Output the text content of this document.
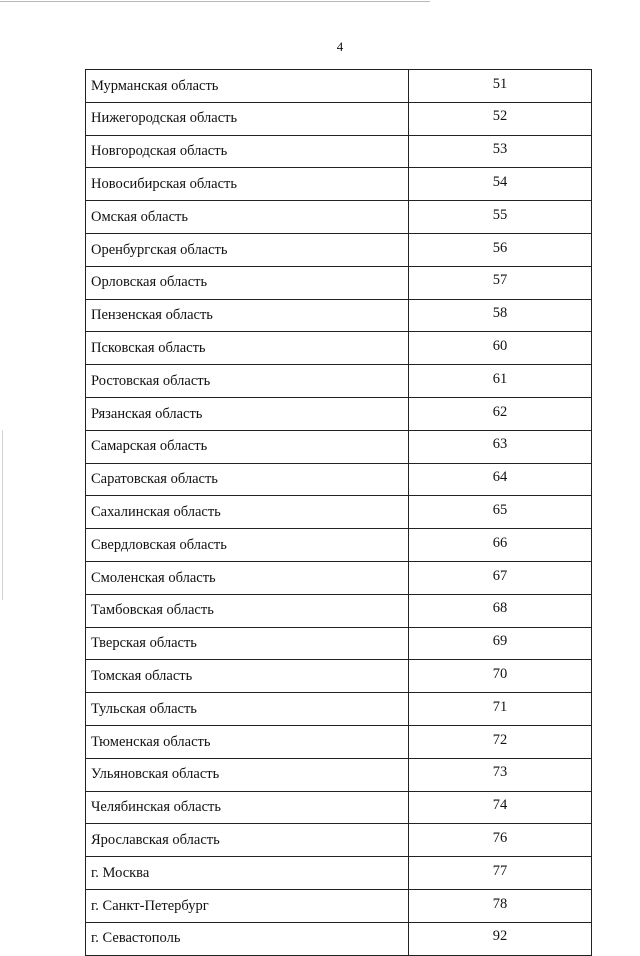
4
Мурманская область	51
Нижегородская область	52
Новгородская область	53
Новосибирская область	54
Омская область	55
Оренбургская область	56
Орловская область	57
Пензенская область	58
Псковская область	60
Ростовская область	61
Рязанская область	62
Самарская область	63
Саратовская область	64
Сахалинская область	65
Свердловская область	66
Смоленская область	67
Тамбовская область	68
Тверская область	69
Томская область	70
Тульская область	71
Тюменская область	72
Ульяновская область	73
Челябинская область	74
Ярославская область	76
г. Москва	77
г. Санкт-Петербург	78
г. Севастополь	92
